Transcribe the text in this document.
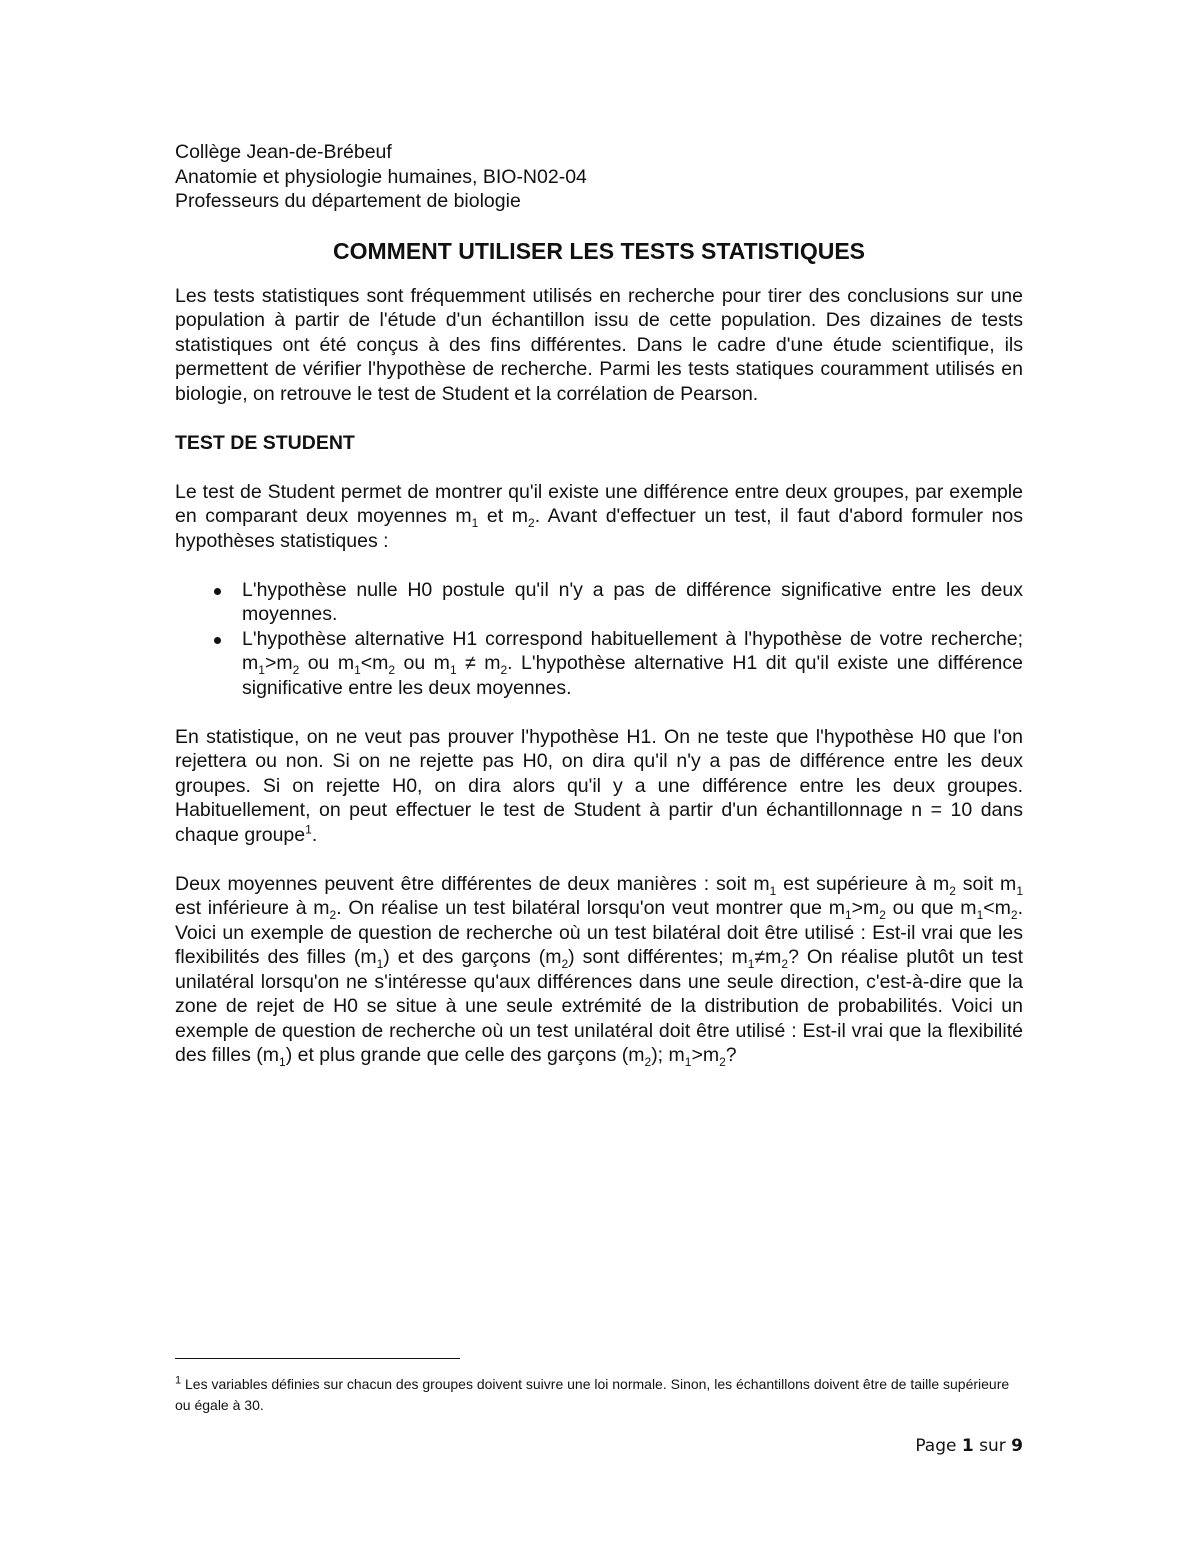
Collège Jean-de-Brébeuf

Anatomie et physiologie humaines, BIO-N02-04

Professeurs du département de biologie

COMMENT UTILISER LES TESTS STATISTIQUES

Les tests statistiques sont fréquemment utilisés en recherche pour tirer des conclusions sur une population à partir de l'étude d'un échantillon issu de cette population. Des dizaines de tests statistiques ont été conçus à des fins différentes. Dans le cadre d'une étude scientifique, ils permettent de vérifier l'hypothèse de recherche. Parmi les tests statiques couramment utilisés en biologie, on retrouve le test de Student et la corrélation de Pearson.

TEST DE STUDENT

Le test de Student permet de montrer qu'il existe une différence entre deux groupes, par exemple en comparant deux moyennes $m_1$ et $m_2$. Avant d'effectuer un test, il faut d'abord formuler nos hypothèses statistiques :

L'hypothèse nulle H0 postule qu'il n'y a pas de différence significative entre les deux moyennes.
L'hypothèse alternative H1 correspond habituellement à l'hypothèse de votre recherche; $m_1>m_2$ ou $m_1<m_2$ ou $m_1 \ne m_2$. L'hypothèse alternative H1 dit qu'il existe une différence significative entre les deux moyennes.

En statistique, on ne veut pas prouver l'hypothèse H1. On ne teste que l'hypothèse H0 que l'on rejettera ou non. Si on ne rejette pas H0, on dira qu'il n'y a pas de différence entre les deux groupes. Si on rejette H0, on dira alors qu'il y a une différence entre les deux groupes. Habituellement, on peut effectuer le test de Student à partir d'un échantillonnage n = 10 dans chaque groupe$^1$.

Deux moyennes peuvent être différentes de deux manières : soit $m_1$ est supérieure à $m_2$ soit $m_1$ est inférieure à $m_2$. On réalise un test bilatéral lorsqu'on veut montrer que $m_1>m_2$ ou que $m_1<m_2$. Voici un exemple de question de recherche où un test bilatéral doit être utilisé : Est-il vrai que les flexibilités des filles $(m_1)$ et des garçons $(m_2)$ sont différentes; $m_1\ne m_2$? On réalise plutôt un test unilatéral lorsqu'on ne s'intéresse qu'aux différences dans une seule direction, c'est-à-dire que la zone de rejet de H0 se situe à une seule extrémité de la distribution de probabilités. Voici un exemple de question de recherche où un test unilatéral doit être utilisé : Est-il vrai que la flexibilité des filles $(m_1)$ et plus grande que celle des garçons $(m_2)$; $m_1>m_2$?

$^1$ Les variables définies sur chacun des groupes doivent suivre une loi normale. Sinon, les échantillons doivent être de taille supérieure ou égale à 30.

Page 1 sur 9
